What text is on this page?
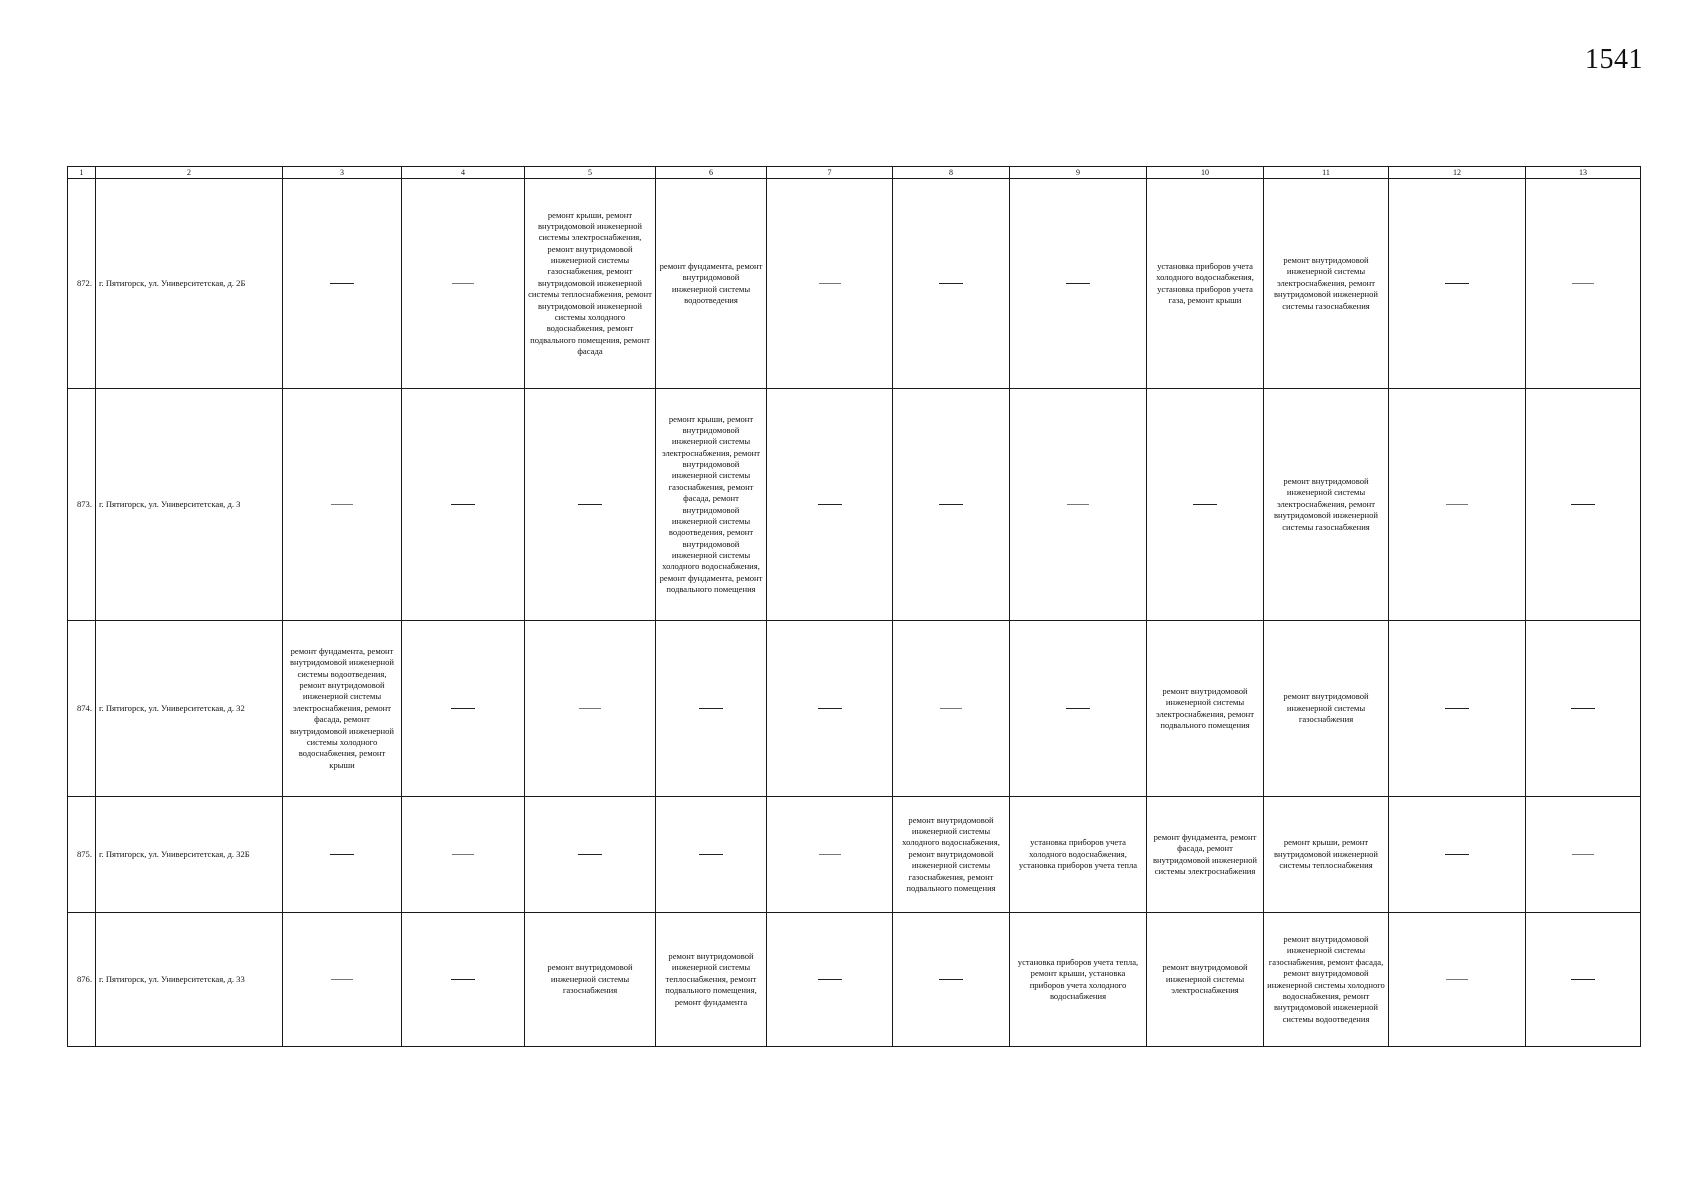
1541
1	2	3	4	5	6	7	8	9	10	11	12	13
872.	г. Пятигорск, ул. Университетская, д. 2Б			ремонт крыши, ремонт внутридомовой инженерной системы электроснабжения, ремонт внутридомовой инженерной системы газоснабжения, ремонт внутридомовой инженерной системы теплоснабжения, ремонт внутридомовой инженерной системы холодного водоснабжения, ремонт подвального помещения, ремонт фасада	ремонт фундамента, ремонт внутридомовой инженерной системы водоотведения				установка приборов учета холодного водоснабжения, установка приборов учета газа, ремонт крыши	ремонт внутридомовой инженерной системы электроснабжения, ремонт внутридомовой инженерной системы газоснабжения		
873.	г. Пятигорск, ул. Университетская, д. 3				ремонт крыши, ремонт внутридомовой инженерной системы электроснабжения, ремонт внутридомовой инженерной системы газоснабжения, ремонт фасада, ремонт внутридомовой инженерной системы водоотведения, ремонт внутридомовой инженерной системы холодного водоснабжения, ремонт фундамента, ремонт подвального помещения					ремонт внутридомовой инженерной системы электроснабжения, ремонт внутридомовой инженерной системы газоснабжения		
874.	г. Пятигорск, ул. Университетская, д. 32	ремонт фундамента, ремонт внутридомовой инженерной системы водоотведения, ремонт внутридомовой инженерной системы электроснабжения, ремонт фасада, ремонт внутридомовой инженерной системы холодного водоснабжения, ремонт крыши							ремонт внутридомовой инженерной системы электроснабжения, ремонт подвального помещения	ремонт внутридомовой инженерной системы газоснабжения		
875.	г. Пятигорск, ул. Университетская, д. 32Б						ремонт внутридомовой инженерной системы холодного водоснабжения, ремонт внутридомовой инженерной системы газоснабжения, ремонт подвального помещения	установка приборов учета холодного водоснабжения, установка приборов учета тепла	ремонт фундамента, ремонт фасада, ремонт внутридомовой инженерной системы электроснабжения	ремонт крыши, ремонт внутридомовой инженерной системы теплоснабжения		
876.	г. Пятигорск, ул. Университетская, д. 33			ремонт внутридомовой инженерной системы газоснабжения	ремонт внутридомовой инженерной системы теплоснабжения, ремонт подвального помещения, ремонт фундамента			установка приборов учета тепла, ремонт крыши, установка приборов учета холодного водоснабжения	ремонт внутридомовой инженерной системы электроснабжения	ремонт внутридомовой инженерной системы газоснабжения, ремонт фасада, ремонт внутридомовой инженерной системы холодного водоснабжения, ремонт внутридомовой инженерной системы водоотведения		
